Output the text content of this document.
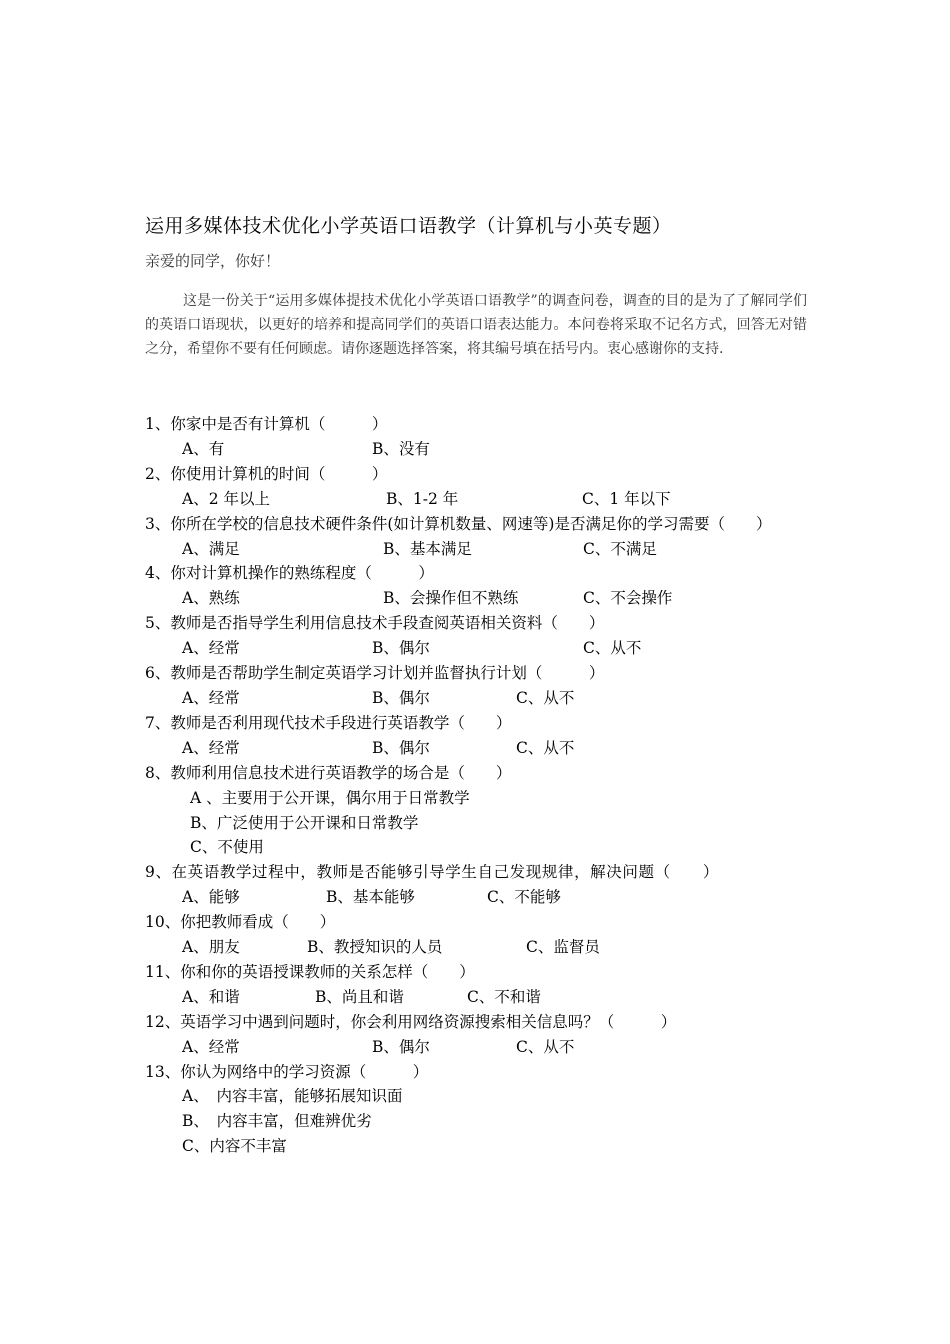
运用多媒体技术优化小学英语口语教学（计算机与小英专题）
亲爱的同学，你好！
这是一份关于“运用多媒体提技术优化小学英语口语教学”的调查问卷，调查的目的是为了了解同学们的英语口语现状，以更好的培养和提高同学们的英语口语表达能力。本问卷将采取不记名方式，回答无对错之分，希望你不要有任何顾虑。请你逐题选择答案，将其编号填在括号内。衷心感谢你的支持.
1、你家中是否有计算机（　　　）
A、有	B、没有
2、你使用计算机的时间（　　　）
A、2 年以上	B、1-2 年	C、1 年以下
3、你所在学校的信息技术硬件条件(如计算机数量、网速等)是否满足你的学习需要（　　）
A、满足	B、基本满足	C、不满足
4、你对计算机操作的熟练程度（　　　）
A、熟练	B、会操作但不熟练	C、不会操作
5、教师是否指导学生利用信息技术手段查阅英语相关资料（　　）
A、经常	B、偶尔	C、从不
6、教师是否帮助学生制定英语学习计划并监督执行计划（　　　）
A、经常	B、偶尔	C、从不
7、教师是否利用现代技术手段进行英语教学（　　）
A、经常	B、偶尔	C、从不
8、教师利用信息技术进行英语教学的场合是（　　）
A 、主要用于公开课，偶尔用于日常教学
B、广泛使用于公开课和日常教学
C、不使用
9、在英语教学过程中，教师是否能够引导学生自己发现规律，解决问题（　　）
A、能够	B、基本能够	C、不能够
10、你把教师看成（　　）
A、朋友	B、教授知识的人员	C、监督员
11、你和你的英语授课教师的关系怎样（　　）
A、和谐	B、尚且和谐	C、不和谐
12、英语学习中遇到问题时，你会利用网络资源搜索相关信息吗？（　　　）
A、经常	B、偶尔	C、从不
13、你认为网络中的学习资源（　　　）
A、　内容丰富，能够拓展知识面
B、　内容丰富，但难辨优劣
C、内容不丰富
